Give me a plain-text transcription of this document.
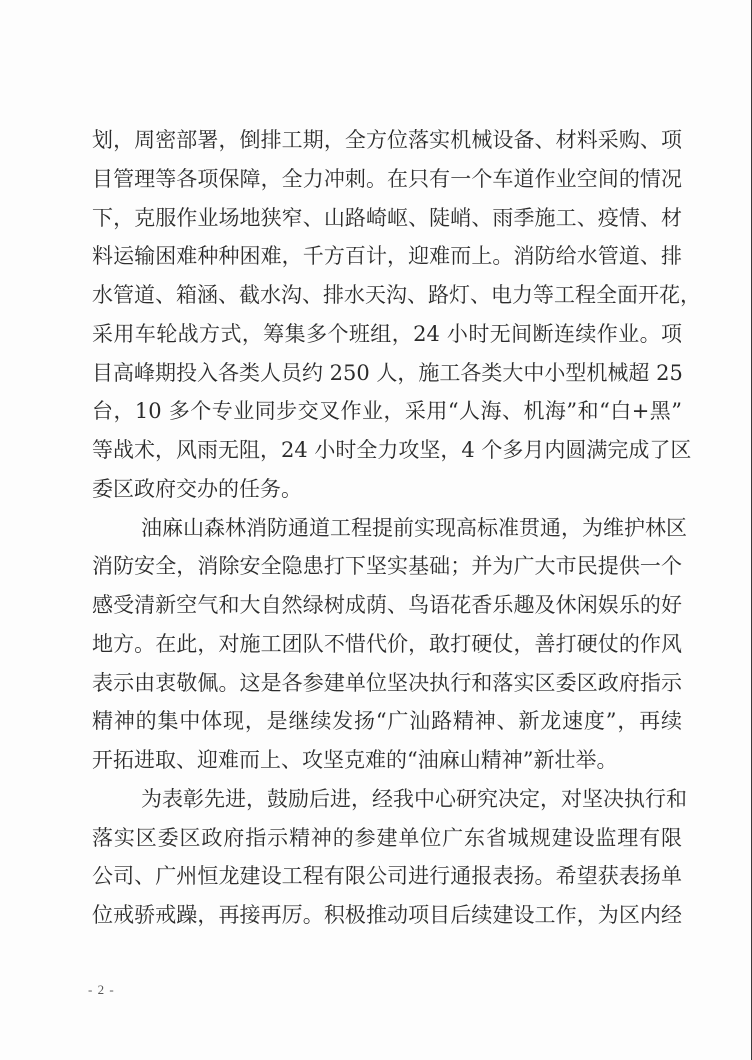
划，周密部署，倒排工期，全方位落实机械设备、材料采购、项
目管理等各项保障，全力冲刺。在只有一个车道作业空间的情况
下，克服作业场地狭窄、山路崎岖、陡峭、雨季施工、疫情、材
料运输困难种种困难，千方百计，迎难而上。消防给水管道、排
水管道、箱涵、截水沟、排水天沟、路灯、电力等工程全面开花，
采用车轮战方式，筹集多个班组，24 小时无间断连续作业。项
目高峰期投入各类人员约 250 人，施工各类大中小型机械超 25
台，10 多个专业同步交叉作业，采用“人海、机海”和“白+黑”
等战术，风雨无阻，24 小时全力攻坚，4 个多月内圆满完成了区
委区政府交办的任务。
油麻山森林消防通道工程提前实现高标准贯通，为维护林区
消防安全，消除安全隐患打下坚实基础；并为广大市民提供一个
感受清新空气和大自然绿树成荫、鸟语花香乐趣及休闲娱乐的好
地方。在此，对施工团队不惜代价，敢打硬仗，善打硬仗的作风
表示由衷敬佩。这是各参建单位坚决执行和落实区委区政府指示
精神的集中体现，是继续发扬“广汕路精神、新龙速度”，再续
开拓进取、迎难而上、攻坚克难的“油麻山精神”新壮举。
为表彰先进，鼓励后进，经我中心研究决定，对坚决执行和
落实区委区政府指示精神的参建单位广东省城规建设监理有限
公司、广州恒龙建设工程有限公司进行通报表扬。希望获表扬单
位戒骄戒躁，再接再厉。积极推动项目后续建设工作，为区内经
- 2 -
